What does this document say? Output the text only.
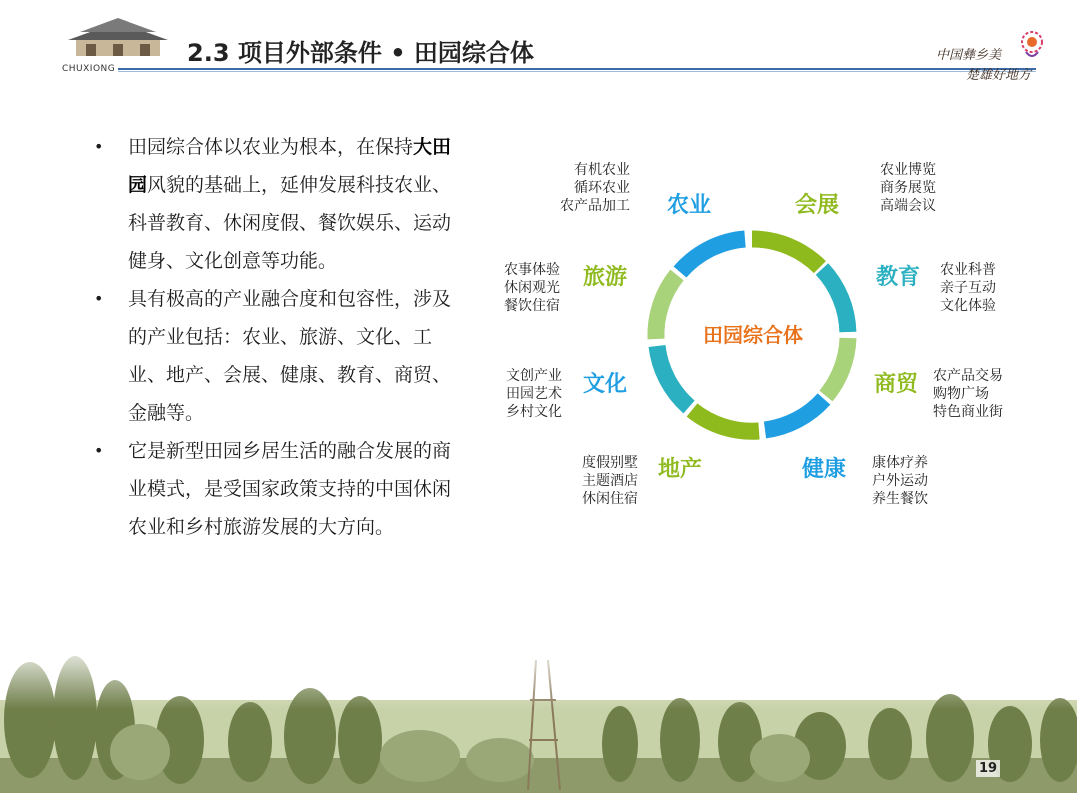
CHUXIONG
2.3 项目外部条件 • 田园综合体	中国彝乡美
楚雄好地方
• 田园综合体以农业为根本，在保持大田园风貌的基础上，延伸发展科技农业、科普教育、休闲度假、餐饮娱乐、运动健身、文化创意等功能。
• 具有极高的产业融合度和包容性，涉及的产业包括：农业、旅游、文化、工业、地产、会展、健康、教育、商贸、金融等。
• 它是新型田园乡居生活的融合发展的商业模式，是受国家政策支持的中国休闲农业和乡村旅游发展的大方向。
田园综合体
农业
有机农业
循环农业
农产品加工	会展
农业博览
商务展览
高端会议
旅游
农事体验
休闲观光
餐饮住宿
教育 农业科普
亲子互动
文化体验
文化
文创产业
田园艺术
乡村文化
商贸 农产品交易
购物广场
特色商业街
地产
度假别墅
主题酒店
休闲住宿
健康 康体疗养
户外运动
养生餐饮
19
